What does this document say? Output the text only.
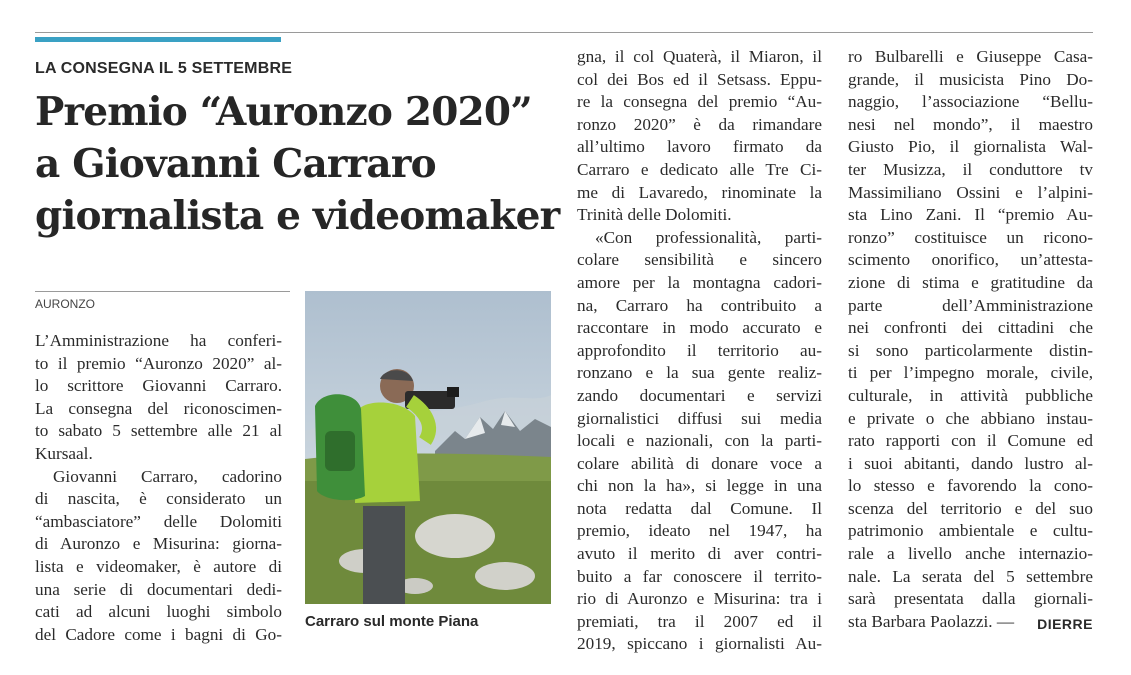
LA CONSEGNA IL 5 SETTEMBRE
Premio “Auronzo 2020”
a Giovanni Carraro
giornalista e videomaker
AURONZO
L’Amministrazione ha conferi-
to il premio “Auronzo 2020” al-
lo scrittore Giovanni Carraro.
La consegna del riconoscimen-
to sabato 5 settembre alle 21 al
Kursaal.
Giovanni Carraro, cadorino
di nascita, è considerato un
“ambasciatore” delle Dolomiti
di Auronzo e Misurina: giorna-
lista e videomaker, è autore di
una serie di documentari dedi-
cati ad alcuni luoghi simbolo
del Cadore come i bagni di Go-
Carraro sul monte Piana
gna, il col Quaterà, il Miaron, il
col dei Bos ed il Setsass. Eppu-
re la consegna del premio “Au-
ronzo 2020” è da rimandare
all’ultimo lavoro firmato da
Carraro e dedicato alle Tre Ci-
me di Lavaredo, rinominate la
Trinità delle Dolomiti.
«Con professionalità, parti-
colare sensibilità e sincero
amore per la montagna cadori-
na, Carraro ha contribuito a
raccontare in modo accurato e
approfondito il territorio au-
ronzano e la sua gente realiz-
zando documentari e servizi
giornalistici diffusi sui media
locali e nazionali, con la parti-
colare abilità di donare voce a
chi non la ha», si legge in una
nota redatta dal Comune. Il
premio, ideato nel 1947, ha
avuto il merito di aver contri-
buito a far conoscere il territo-
rio di Auronzo e Misurina: tra i
premiati, tra il 2007 ed il
2019, spiccano i giornalisti Au-
ro Bulbarelli e Giuseppe Casa-
grande, il musicista Pino Do-
naggio, l’associazione “Bellu-
nesi nel mondo”, il maestro
Giusto Pio, il giornalista Wal-
ter Musizza, il conduttore tv
Massimiliano Ossini e l’alpini-
sta Lino Zani. Il “premio Au-
ronzo” costituisce un ricono-
scimento onorifico, un’attesta-
zione di stima e gratitudine da
parte dell’Amministrazione
nei confronti dei cittadini che
si sono particolarmente distin-
ti per l’impegno morale, civile,
culturale, in attività pubbliche
e private o che abbiano instau-
rato rapporti con il Comune ed
i suoi abitanti, dando lustro al-
lo stesso e favorendo la cono-
scenza del territorio e del suo
patrimonio ambientale e cultu-
rale a livello anche internazio-
nale. La serata del 5 settembre
sarà presentata dalla giornali-
sta Barbara Paolazzi. —	DIERRE
